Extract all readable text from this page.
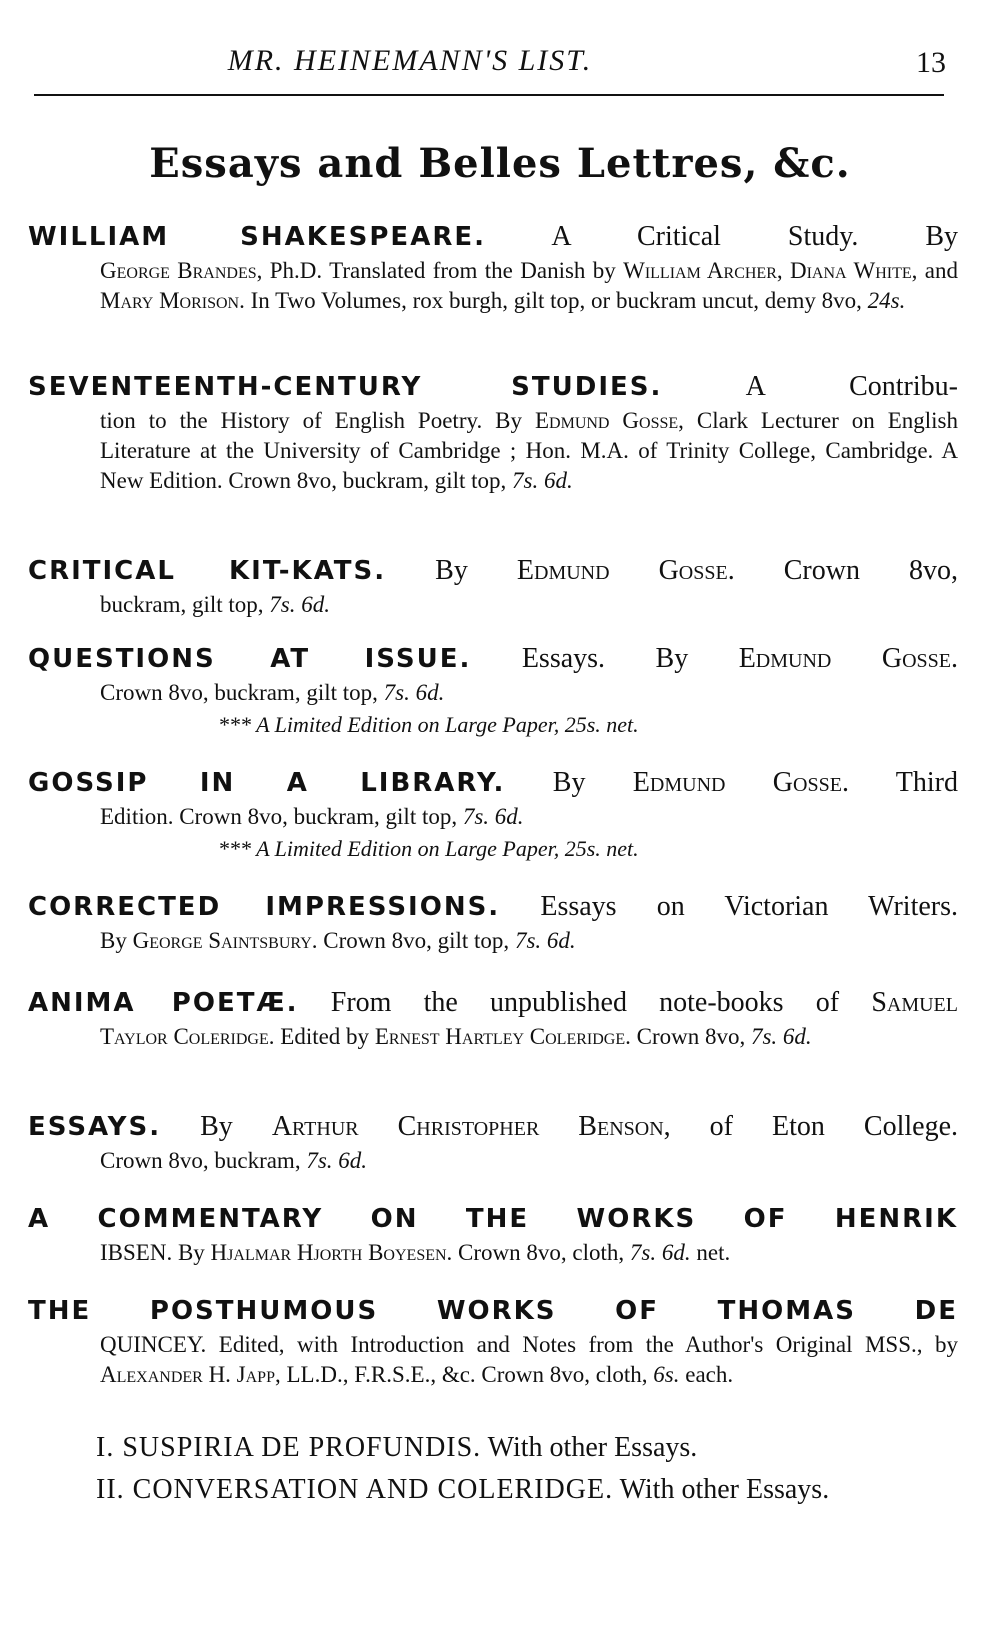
MR. HEINEMANN'S LIST.	13
Essays and Belles Lettres, &c.
WILLIAM SHAKESPEARE. A Critical Study. By
George Brandes, Ph.D. Translated from the Danish by William Archer, Diana White, and Mary Morison. In Two Volumes, rox burgh, gilt top, or buckram uncut, demy 8vo, 24s.
SEVENTEENTH-CENTURY STUDIES. A Contribu-
tion to the History of English Poetry. By Edmund Gosse, Clark Lecturer on English Literature at the University of Cambridge ; Hon. M.A. of Trinity College, Cambridge. A New Edition. Crown 8vo, buckram, gilt top, 7s. 6d.
CRITICAL KIT-KATS. By Edmund Gosse. Crown 8vo,
buckram, gilt top, 7s. 6d.
QUESTIONS AT ISSUE. Essays. By Edmund Gosse.
Crown 8vo, buckram, gilt top, 7s. 6d.
*** A Limited Edition on Large Paper, 25s. net.
GOSSIP IN A LIBRARY. By Edmund Gosse. Third
Edition. Crown 8vo, buckram, gilt top, 7s. 6d.
*** A Limited Edition on Large Paper, 25s. net.
CORRECTED IMPRESSIONS. Essays on Victorian Writers.
By George Saintsbury. Crown 8vo, gilt top, 7s. 6d.
ANIMA POETÆ. From the unpublished note-books of Samuel
Taylor Coleridge. Edited by Ernest Hartley Coleridge. Crown 8vo, 7s. 6d.
ESSAYS. By Arthur Christopher Benson, of Eton College.
Crown 8vo, buckram, 7s. 6d.
A COMMENTARY ON THE WORKS OF HENRIK
IBSEN. By Hjalmar Hjorth Boyesen. Crown 8vo, cloth, 7s. 6d. net.
THE POSTHUMOUS WORKS OF THOMAS DE
QUINCEY. Edited, with Introduction and Notes from the Author's Original MSS., by Alexander H. Japp, LL.D., F.R.S.E., &c. Crown 8vo, cloth, 6s. each.
I. SUSPIRIA DE PROFUNDIS. With other Essays.
II. CONVERSATION AND COLERIDGE. With other Essays.
